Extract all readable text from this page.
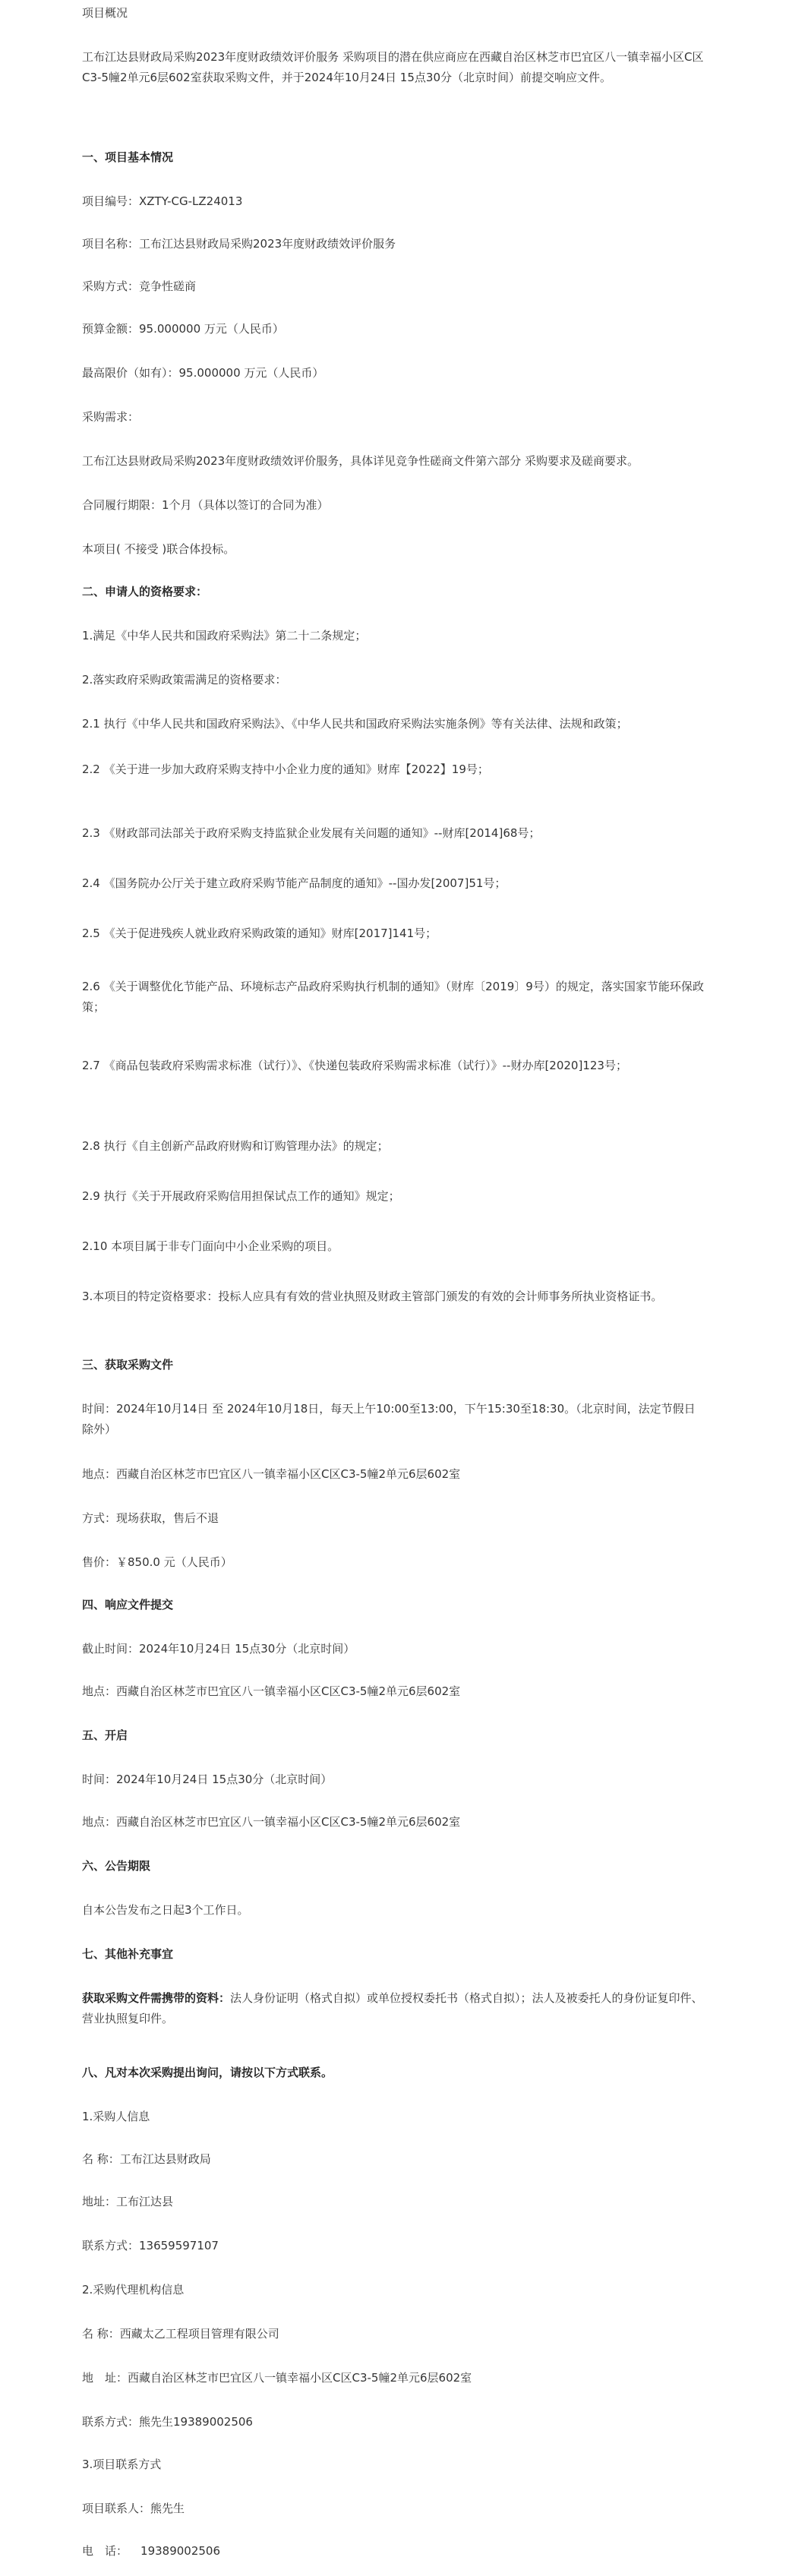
项目概况

工布江达县财政局采购2023年度财政绩效评价服务 采购项目的潜在供应商应在西藏自治区林芝市巴宜区八一镇幸福小区C区C3-5幢2单元6层602室获取采购文件，并于2024年10月24日 15点30分（北京时间）前提交响应文件。

一、项目基本情况

项目编号：XZTY-CG-LZ24013

项目名称：工布江达县财政局采购2023年度财政绩效评价服务

采购方式：竞争性磋商

预算金额：95.000000 万元（人民币）

最高限价（如有）：95.000000 万元（人民币）

采购需求：

工布江达县财政局采购2023年度财政绩效评价服务，具体详见竞争性磋商文件第六部分 采购要求及磋商要求。

合同履行期限：1个月（具体以签订的合同为准）

本项目( 不接受 )联合体投标。

二、申请人的资格要求：

1.满足《中华人民共和国政府采购法》第二十二条规定；

2.落实政府采购政策需满足的资格要求：

2.1 执行《中华人民共和国政府采购法》、《中华人民共和国政府采购法实施条例》等有关法律、法规和政策；

2.2 《关于进一步加大政府采购支持中小企业力度的通知》财库【2022】19号；

2.3 《财政部司法部关于政府采购支持监狱企业发展有关问题的通知》--财库[2014]68号；

2.4 《国务院办公厅关于建立政府采购节能产品制度的通知》--国办发[2007]51号；

2.5 《关于促进残疾人就业政府采购政策的通知》财库[2017]141号；

2.6 《关于调整优化节能产品、环境标志产品政府采购执行机制的通知》（财库〔2019〕9号）的规定，落实国家节能环保政策；

2.7 《商品包装政府采购需求标准（试行）》、《快递包装政府采购需求标准（试行）》--财办库[2020]123号；

2.8 执行《自主创新产品政府财购和订购管理办法》的规定；

2.9 执行《关于开展政府采购信用担保试点工作的通知》规定；

2.10 本项目属于非专门面向中小企业采购的项目。

3.本项目的特定资格要求：投标人应具有有效的营业执照及财政主管部门颁发的有效的会计师事务所执业资格证书。

三、获取采购文件

时间：2024年10月14日 至 2024年10月18日，每天上午10:00至13:00，下午15:30至18:30。（北京时间，法定节假日除外）

地点：西藏自治区林芝市巴宜区八一镇幸福小区C区C3-5幢2单元6层602室

方式：现场获取，售后不退

售价：￥850.0 元（人民币）

四、响应文件提交

截止时间：2024年10月24日 15点30分（北京时间）

地点：西藏自治区林芝市巴宜区八一镇幸福小区C区C3-5幢2单元6层602室

五、开启

时间：2024年10月24日 15点30分（北京时间）

地点：西藏自治区林芝市巴宜区八一镇幸福小区C区C3-5幢2单元6层602室

六、公告期限

自本公告发布之日起3个工作日。

七、其他补充事宜

获取采购文件需携带的资料：法人身份证明（格式自拟）或单位授权委托书（格式自拟）；法人及被委托人的身份证复印件、营业执照复印件。

八、凡对本次采购提出询问，请按以下方式联系。

1.采购人信息

名 称：工布江达县财政局

地址：工布江达县

联系方式：13659597107

2.采购代理机构信息

名 称：西藏太乙工程项目管理有限公司

地　址：西藏自治区林芝市巴宜区八一镇幸福小区C区C3-5幢2单元6层602室

联系方式：熊先生19389002506

3.项目联系方式

项目联系人：熊先生

电　话：　  19389002506
